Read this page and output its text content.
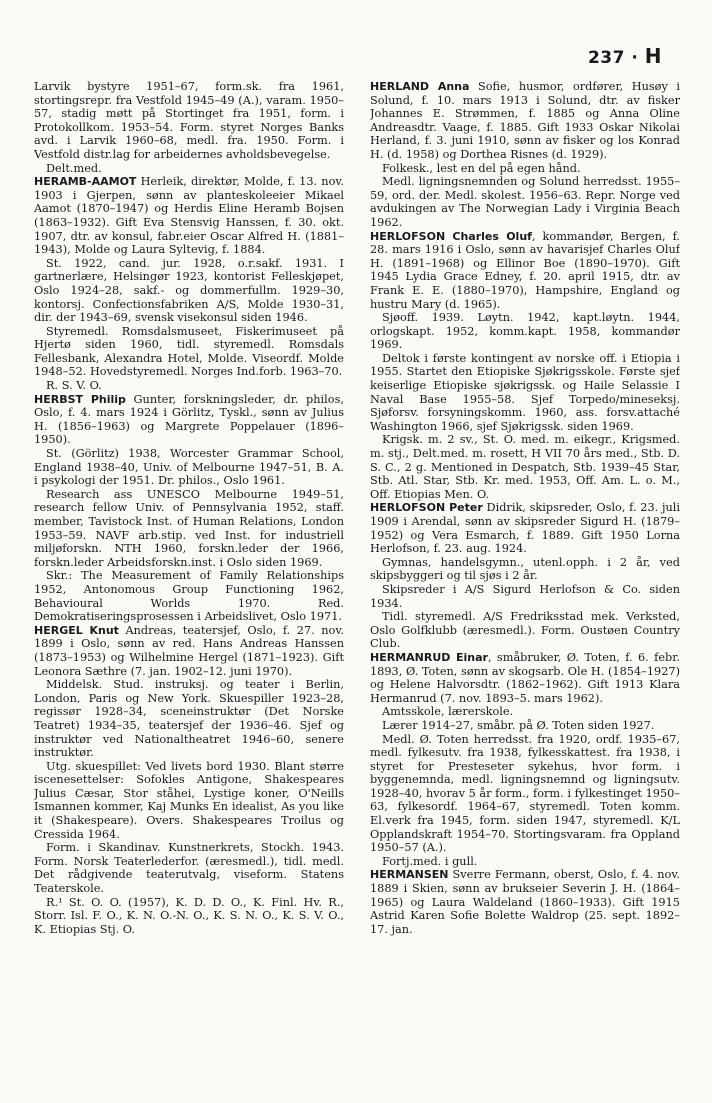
237 · H

Larvik bystyre 1951–67, form.sk. fra 1961, stortingsrepr. fra Vestfold 1945–49 (A.), varam. 1950–57, stadig møtt på Stortinget fra 1951, form. i Protokollkom. 1953–54. Form. styret Norges Banks avd. i Larvik 1960–68, medl. fra. 1950. Form. i Vestfold distr.lag for arbeidernes avholdsbevegelse.

Delt.med.

HERAMB-AAMOT Herleik, direktør, Molde, f. 13. nov. 1903 i Gjerpen, sønn av planteskoleeier Mikael Aamot (1870–1947) og Herdis Eline Heramb Bojsen (1863–1932). Gift Eva Stensvig Hanssen, f. 30. okt. 1907, dtr. av konsul, fabr.eier Oscar Alfred H. (1881–1943), Molde og Laura Syltevig, f. 1884.

St. 1922, cand. jur. 1928, o.r.sakf. 1931. I gartnerlære, Helsingør 1923, kontorist Felleskjøpet, Oslo 1924–28, sakf.- og dommerfullm. 1929–30, kontorsj. Confectionsfabriken A/S, Molde 1930–31, dir. der 1943–69, svensk visekonsul siden 1946.

Styremedl. Romsdalsmuseet, Fiskerimuseet på Hjertø siden 1960, tidl. styremedl. Romsdals Fellesbank, Alexandra Hotel, Molde. Viseordf. Molde 1948–52. Hovedstyremedl. Norges Ind.forb. 1963–70.

R. S. V. O.

HERBST Philip Gunter, forskningsleder, dr. philos, Oslo, f. 4. mars 1924 i Görlitz, Tyskl., sønn av Julius H. (1856–1963) og Margrete Poppelauer (1896–1950).

St. (Görlitz) 1938, Worcester Grammar School, England 1938–40, Univ. of Melbourne 1947–51, B. A. i psykologi der 1951. Dr. philos., Oslo 1961.

Research ass UNESCO Melbourne 1949–51, research fellow Univ. of Pennsylvania 1952, staff. member, Tavistock Inst. of Human Relations, London 1953–59. NAVF arb.stip. ved Inst. for industriell miljøforskn. NTH 1960, forskn.leder der 1966, forskn.leder Arbeidsforskn.inst. i Oslo siden 1969.

Skr.: The Measurement of Family Relationships 1952, Antonomous Group Functioning 1962, Behavioural Worlds 1970. Red. Demokratiseringsprosessen i Arbeidslivet, Oslo 1971.

HERGEL Knut Andreas, teatersjef, Oslo, f. 27. nov. 1899 i Oslo, sønn av red. Hans Andreas Hanssen (1873–1953) og Wilhelmine Hergel (1871–1923). Gift Leonora Sæthre (7. jan. 1902–12. juni 1970).

Middelsk. Stud. instruksj. og teater i Berlin, London, Paris og New York. Skuespiller 1923–28, regissør 1928–34, sceneinstruktør (Det Norske Teatret) 1934–35, teatersjef der 1936–46. Sjef og instruktør ved Nationaltheatret 1946–60, senere instruktør.

Utg. skuespillet: Ved livets bord 1930. Blant større iscenesettelser: Sofokles Antigone, Shakespeares Julius Cæsar, Stor ståhei, Lystige koner, O'Neills Ismannen kommer, Kaj Munks En idealist, As you like it (Shakespeare). Overs. Shakespeares Troilus og Cressida 1964.

Form. i Skandinav. Kunstnerkrets, Stockh. 1943. Form. Norsk Teaterlederfor. (æresmedl.), tidl. medl. Det rådgivende teaterutvalg, viseform. Statens Teaterskole.

R.¹ St. O. O. (1957), K. D. D. O., K. Finl. Hv. R., Storr. Isl. F. O., K. N. O.-N. O., K. S. N. O., K. S. V. O., K. Etiopias Stj. O.

HERLAND Anna Sofie, husmor, ordfører, Husøy i Solund, f. 10. mars 1913 i Solund, dtr. av fisker Johannes E. Strømmen, f. 1885 og Anna Oline Andreasdtr. Vaage, f. 1885. Gift 1933 Oskar Nikolai Herland, f. 3. juni 1910, sønn av fisker og los Konrad H. (d. 1958) og Dorthea Risnes (d. 1929).

Folkesk., lest en del på egen hånd.

Medl. ligningsnemnden og Solund herredsst. 1955–59, ord. der. Medl. skolest. 1956–63. Repr. Norge ved avdukingen av The Norwegian Lady i Virginia Beach 1962.

HERLOFSON Charles Oluf, kommandør, Bergen, f. 28. mars 1916 i Oslo, sønn av havarisjef Charles Oluf H. (1891–1968) og Ellinor Boe (1890–1970). Gift 1945 Lydia Grace Edney, f. 20. april 1915, dtr. av Frank E. E. (1880–1970), Hampshire, England og hustru Mary (d. 1965).

Sjøoff. 1939. Løytn. 1942, kapt.løytn. 1944, orlogskapt. 1952, komm.kapt. 1958, kommandør 1969.

Deltok i første kontingent av norske off. i Etiopia i 1955. Startet den Etiopiske Sjøkrigsskole. Første sjef keiserlige Etiopiske sjøkrigssk. og Haile Selassie I Naval Base 1955–58. Sjef Torpedo/mineseksj. Sjøforsv. forsyningskomm. 1960, ass. forsv.attaché Washington 1966, sjef Sjøkrigssk. siden 1969.

Krigsk. m. 2 sv., St. O. med. m. eikegr., Krigsmed. m. stj., Delt.med. m. rosett, H VII 70 års med., Stb. D. S. C., 2 g. Mentioned in Despatch, Stb. 1939–45 Star, Stb. Atl. Star, Stb. Kr. med. 1953, Off. Am. L. o. M., Off. Etiopias Men. O.

HERLOFSON Peter Didrik, skipsreder, Oslo, f. 23. juli 1909 i Arendal, sønn av skipsreder Sigurd H. (1879–1952) og Vera Esmarch, f. 1889. Gift 1950 Lorna Herlofson, f. 23. aug. 1924.

Gymnas, handelsgymn., utenl.opph. i 2 år, ved skipsbyggeri og til sjøs i 2 år.

Skipsreder i A/S Sigurd Herlofson & Co. siden 1934.

Tidl. styremedl. A/S Fredriksstad mek. Verksted, Oslo Golfklubb (æresmedl.). Form. Oustøen Country Club.

HERMANRUD Einar, småbruker, Ø. Toten, f. 6. febr. 1893, Ø. Toten, sønn av skogsarb. Ole H. (1854–1927) og Helene Halvorsdtr. (1862–1962). Gift 1913 Klara Hermanrud (7. nov. 1893–5. mars 1962).

Amtsskole, lærerskole.

Lærer 1914–27, småbr. på Ø. Toten siden 1927.

Medl. Ø. Toten herredsst. fra 1920, ordf. 1935–67, medl. fylkesutv. fra 1938, fylkesskattest. fra 1938, i styret for Presteseter sykehus, hvor form. i byggenemnda, medl. ligningsnemnd og ligningsutv. 1928–40, hvorav 5 år form., form. i fylkestinget 1950–63, fylkesordf. 1964–67, styremedl. Toten komm. El.verk fra 1945, form. siden 1947, styremedl. K/L Opplandskraft 1954–70. Stortingsvaram. fra Oppland 1950–57 (A.).

Fortj.med. i gull.

HERMANSEN Sverre Fermann, oberst, Oslo, f. 4. nov. 1889 i Skien, sønn av brukseier Severin J. H. (1864–1965) og Laura Waldeland (1860–1933). Gift 1915 Astrid Karen Sofie Bolette Waldrop (25. sept. 1892–17. jan.
